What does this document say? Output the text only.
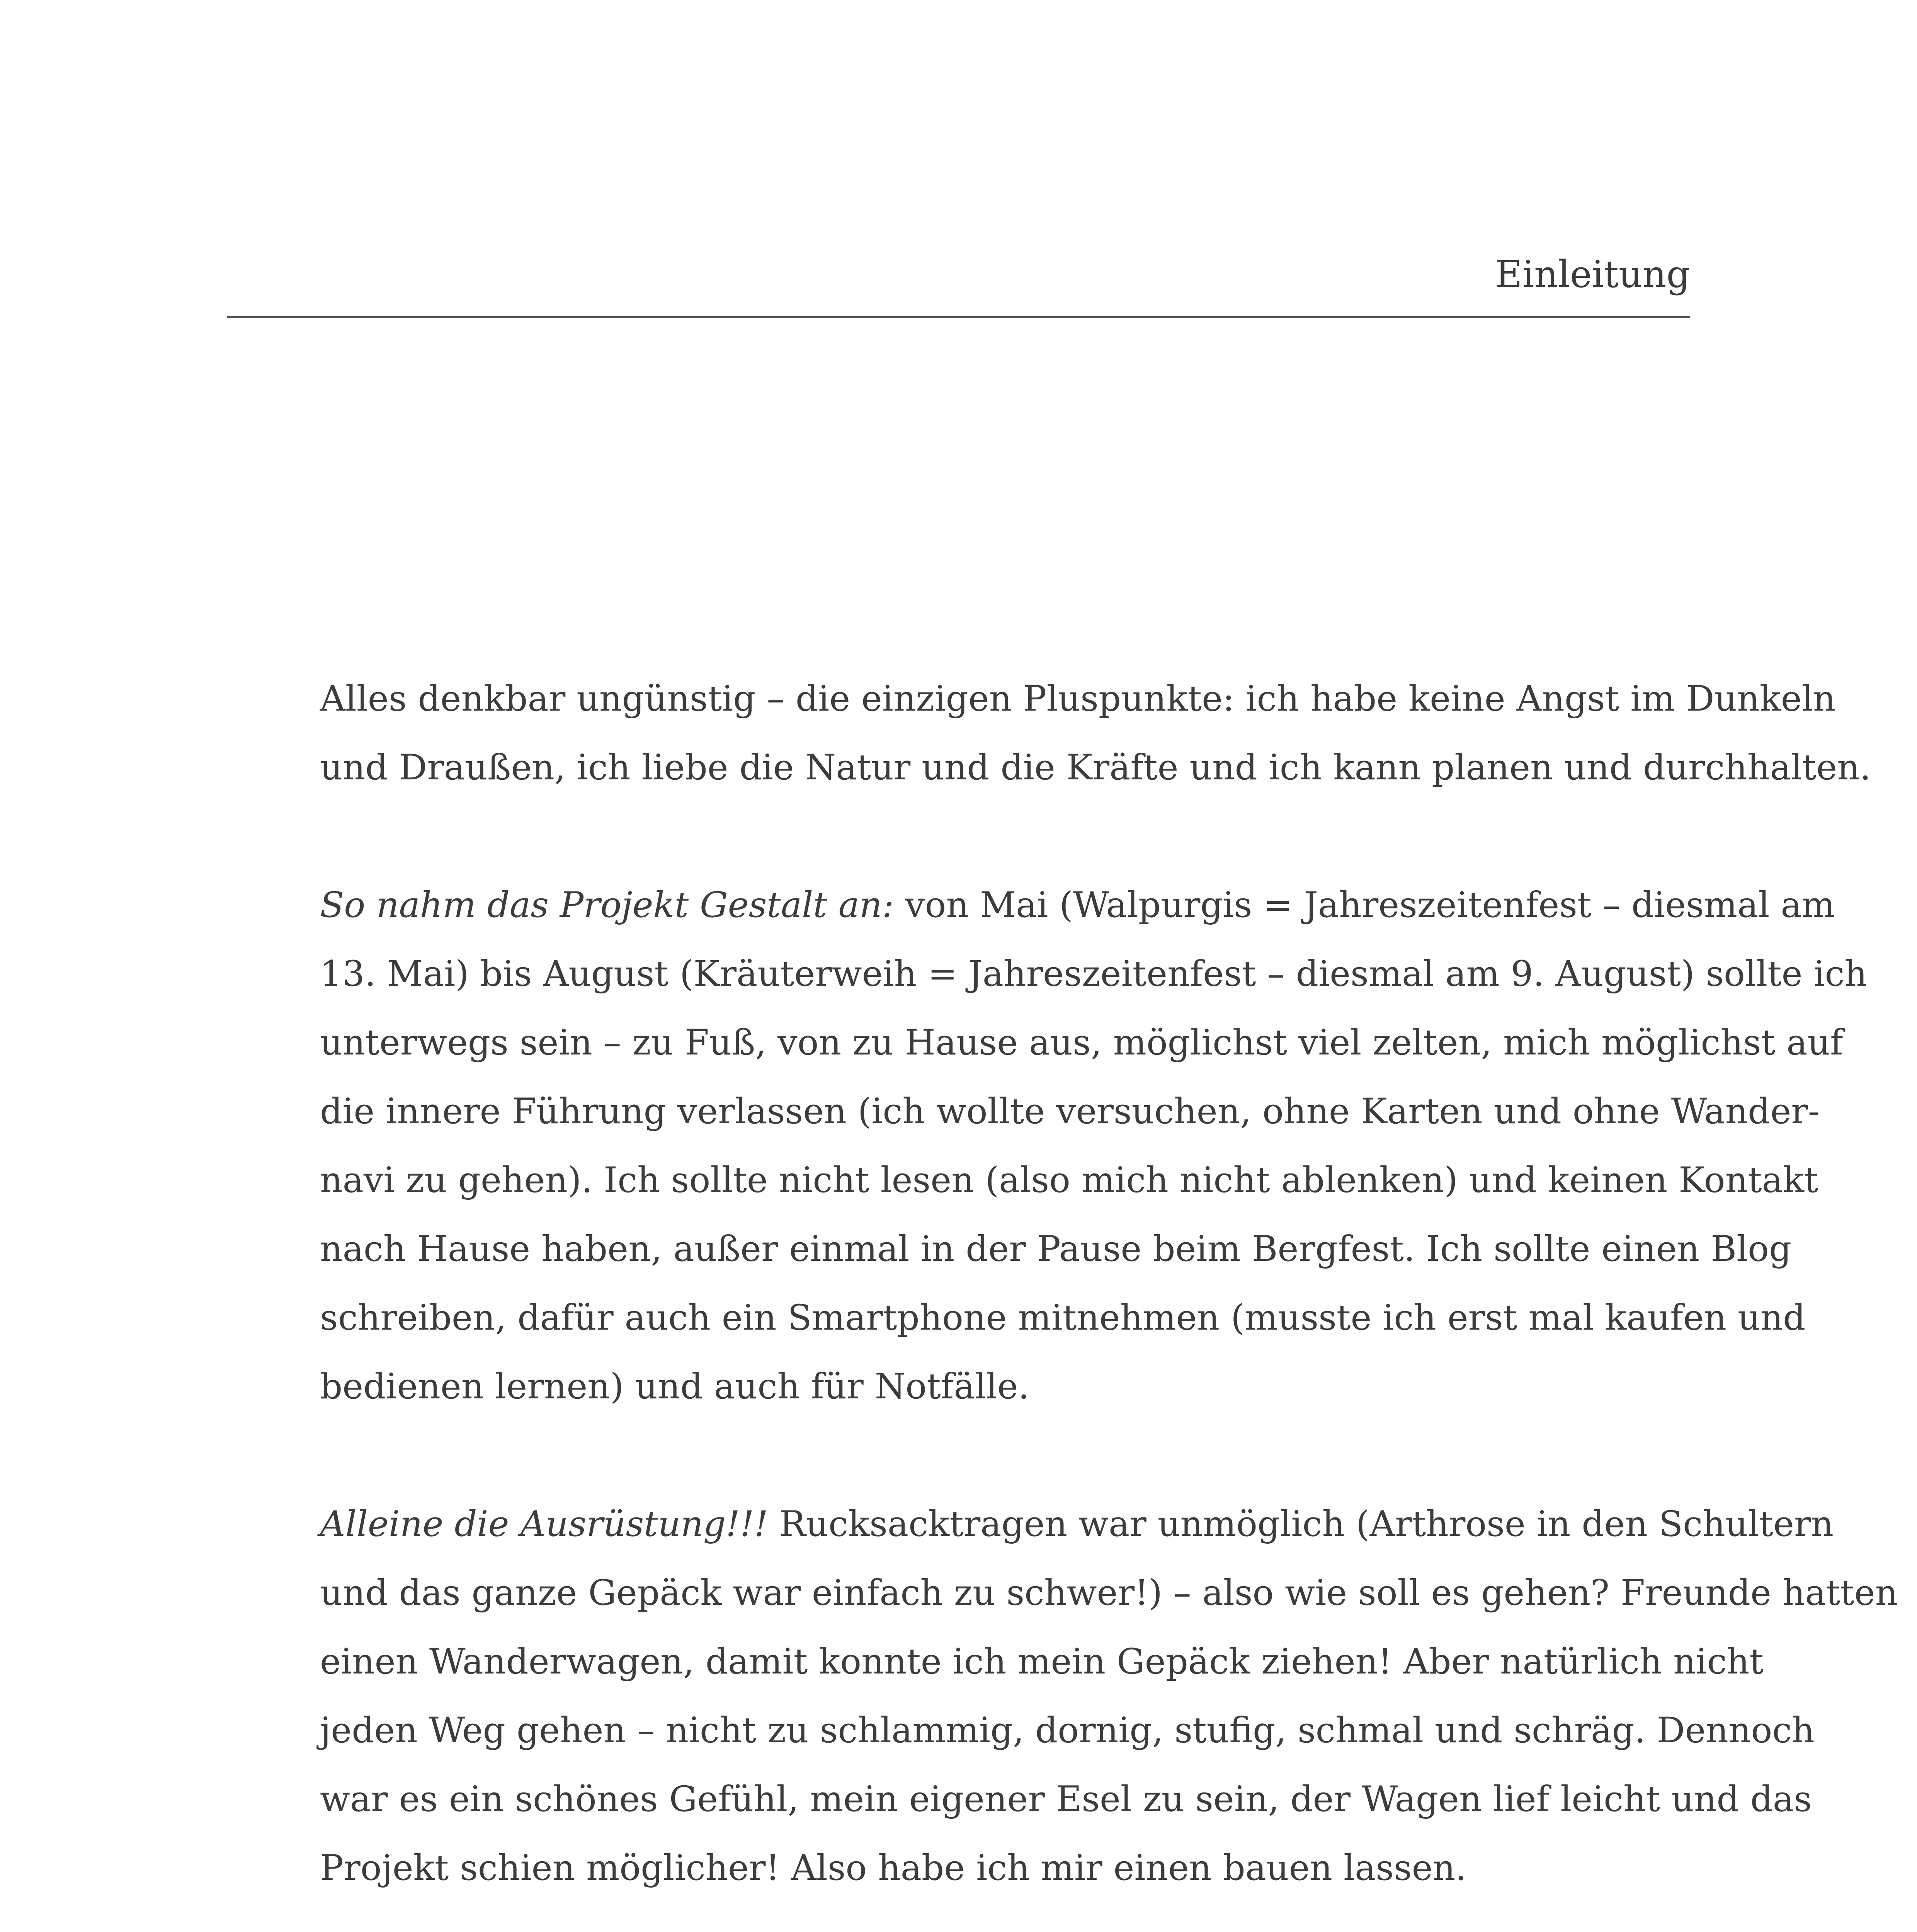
Einleitung
Alles denkbar ungünstig – die einzigen Pluspunkte: ich habe keine Angst im Dunkeln
und Draußen, ich liebe die Natur und die Kräfte und ich kann planen und durchhalten.
So nahm das Projekt Gestalt an: von Mai (Walpurgis = Jahreszeitenfest – diesmal am
13. Mai) bis August (Kräuterweih = Jahreszeitenfest – diesmal am 9. August) sollte ich
unterwegs sein – zu Fuß, von zu Hause aus, möglichst viel zelten, mich möglichst auf
die innere Führung verlassen (ich wollte versuchen, ohne Karten und ohne Wander-
navi zu gehen). Ich sollte nicht lesen (also mich nicht ablenken) und keinen Kontakt
nach Hause haben, außer einmal in der Pause beim Bergfest. Ich sollte einen Blog
schreiben, dafür auch ein Smartphone mitnehmen (musste ich erst mal kaufen und
bedienen lernen) und auch für Notfälle.
Alleine die Ausrüstung!!! Rucksacktragen war unmöglich (Arthrose in den Schultern
und das ganze Gepäck war einfach zu schwer!) – also wie soll es gehen? Freunde hatten
einen Wanderwagen, damit konnte ich mein Gepäck ziehen! Aber natürlich nicht
jeden Weg gehen – nicht zu schlammig, dornig, stufig, schmal und schräg. Dennoch
war es ein schönes Gefühl, mein eigener Esel zu sein, der Wagen lief leicht und das
Projekt schien möglicher! Also habe ich mir einen bauen lassen.
